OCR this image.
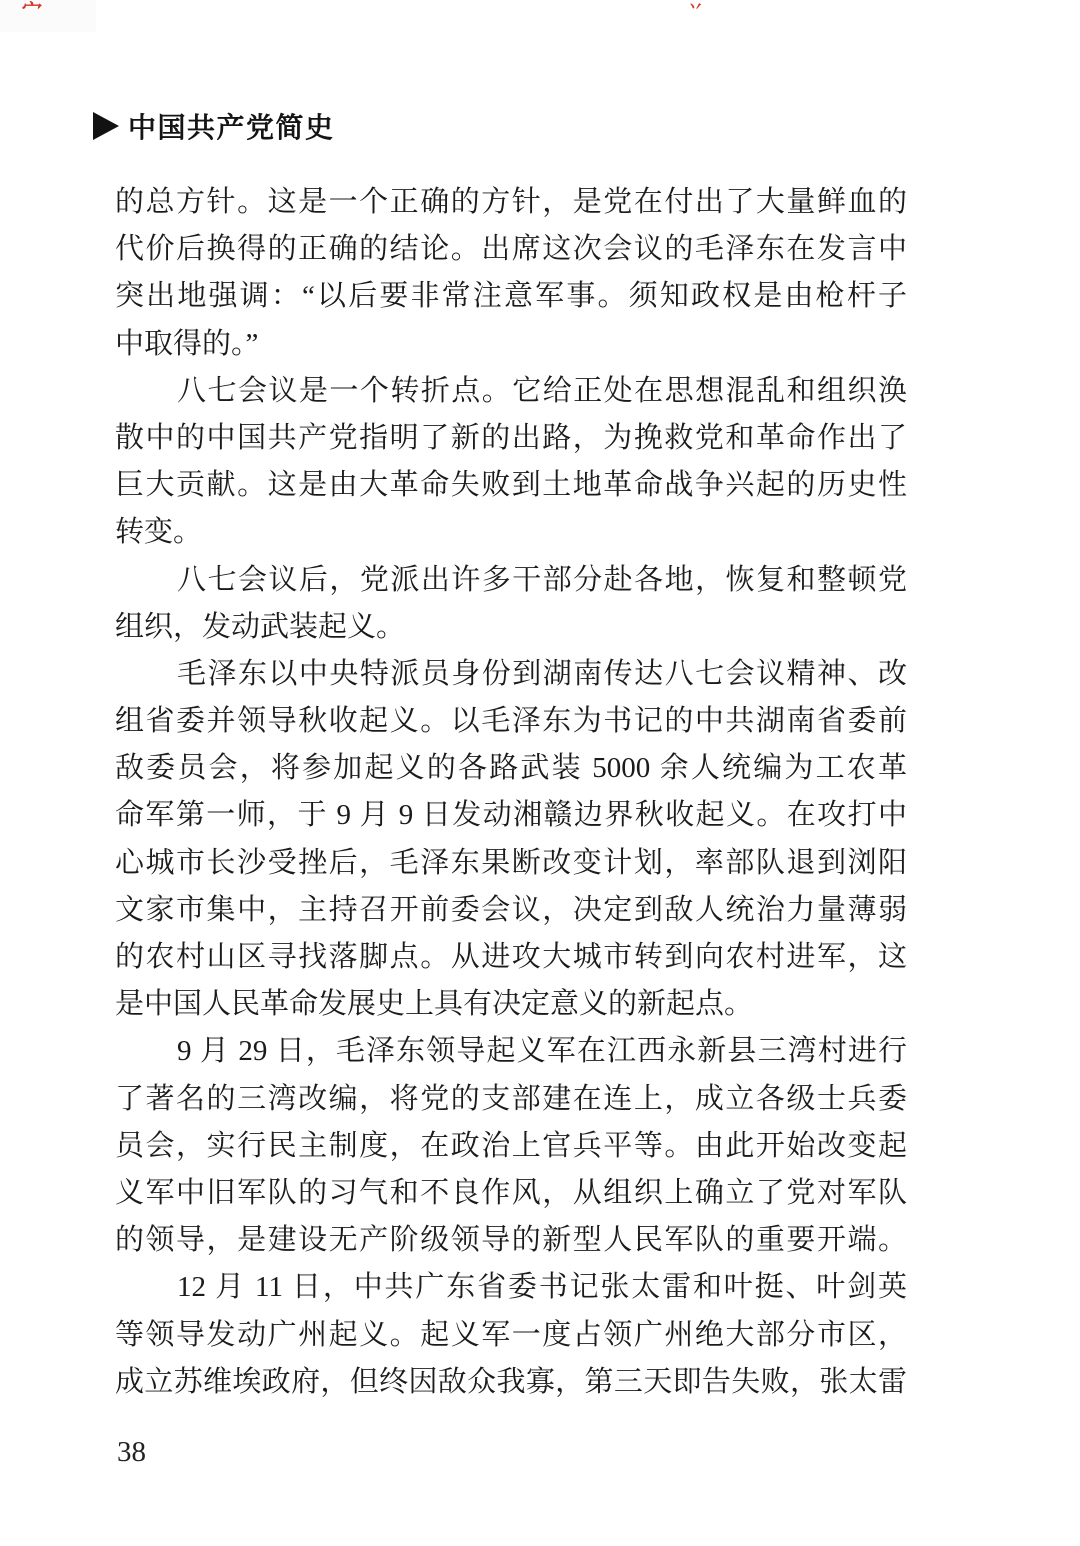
宀	丷
中国共产党简史
的总方针。这是一个正确的方针，是党在付出了大量鲜血的
代价后换得的正确的结论。出席这次会议的毛泽东在发言中
突出地强调：“以后要非常注意军事。须知政权是由枪杆子
中取得的。”
八七会议是一个转折点。它给正处在思想混乱和组织涣
散中的中国共产党指明了新的出路，为挽救党和革命作出了
巨大贡献。这是由大革命失败到土地革命战争兴起的历史性
转变。
八七会议后，党派出许多干部分赴各地，恢复和整顿党
组织，发动武装起义。
毛泽东以中央特派员身份到湖南传达八七会议精神、改
组省委并领导秋收起义。以毛泽东为书记的中共湖南省委前
敌委员会，将参加起义的各路武装 5000 余人统编为工农革
命军第一师，于 9 月 9 日发动湘赣边界秋收起义。在攻打中
心城市长沙受挫后，毛泽东果断改变计划，率部队退到浏阳
文家市集中，主持召开前委会议，决定到敌人统治力量薄弱
的农村山区寻找落脚点。从进攻大城市转到向农村进军，这
是中国人民革命发展史上具有决定意义的新起点。
9 月 29 日，毛泽东领导起义军在江西永新县三湾村进行
了著名的三湾改编，将党的支部建在连上，成立各级士兵委
员会，实行民主制度，在政治上官兵平等。由此开始改变起
义军中旧军队的习气和不良作风，从组织上确立了党对军队
的领导，是建设无产阶级领导的新型人民军队的重要开端。
12 月 11 日，中共广东省委书记张太雷和叶挺、叶剑英
等领导发动广州起义。起义军一度占领广州绝大部分市区，
成立苏维埃政府，但终因敌众我寡，第三天即告失败，张太雷
38
